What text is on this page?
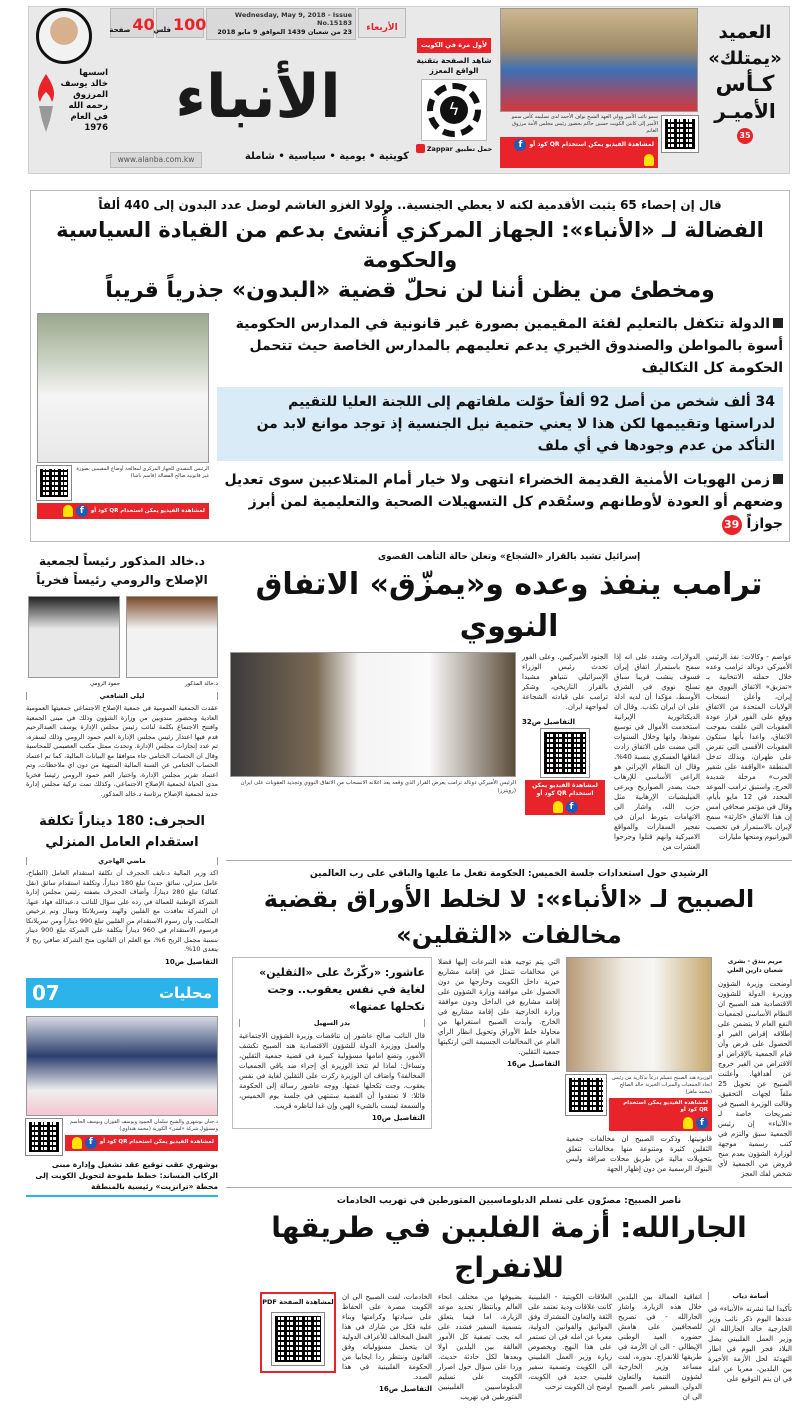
اسسها
خالد يوسف
المرزوق
رحمه الله
في العام
1976
صفحة 40
فلس 100	Wednesday, May 9, 2018 - Issue No.15183
23 من شعبان 1439 الموافق 9 مايو 2018	الأربعاء
الأنباء
كويتية • يومية • سياسية • شاملة
www.alanba.com.kw
لأول مرة في الكويت
شاهد الصفحة بتقنية الواقع المعزز
ϟ
حمل تطبيق Zappar
سمو نائب الأمير وولي العهد الشيخ نواف الأحمد لدى تسليمه كأس سمو الأمير إلى كابتن الكويت حسين حاكم بحضور رئيس مجلس الأمة مرزوق الغانم
لمشاهدة الفيديو يمكن استخدام QR كود أو
f
العميد
«يمتلك»
كـأس
الأميـر
35
قال إن إحصاء 65 يثبت الأقدمية لكنه لا يعطي الجنسية.. ولولا الغزو الغاشم لوصل عدد البدون إلى 440 ألفاً
الفضالة لـ «الأنباء»: الجهاز المركزي أُنشئ بدعم من القيادة السياسية والحكومة
ومخطئ من يظن أننا لن نحلّ قضية «البدون» جذرياً قريباً
الدولة تتكفل بالتعليم لفئة المقيمين بصورة غير قانونية في المدارس الحكومية أسوة بالمواطن والصندوق الخيري يدعم تعليمهم بالمدارس الخاصة حيث تتحمل الحكومة كل التكاليف
34 ألف شخص من أصل 92 ألفاً حوّلت ملفاتهم إلى اللجنة العليا للتقييم لدراستها وتقييمها لكن هذا لا يعني حتمية نيل الجنسية إذ توجد موانع لابد من التأكد من عدم وجودها في أي ملف
زمن الهويات الأمنية القديمة الخضراء انتهى ولا خيار أمام المتلاعبين سوى تعديل وضعهم أو العودة لأوطانهم وستُقدم كل التسهيلات الصحية والتعليمية لمن أبرز جوازاً 39
الرئيس التنفيذي للجهاز المركزي لمعالجة أوضاع المقيمين بصورة غير قانونية صالح الفضالة (قاسم باشا)
لمشاهدة الفيديو يمكن استخدام QR كود أو
f
إسرائيل تشيد بالقرار «الشجاع» وتعلن حالة التأهب القصوى
ترامب ينفذ وعده و«يمزّق» الاتفاق النووي
عواصم - وكالات: نفذ الرئيس الأميركي دونالد ترامب وعده خلال حملته الانتخابية بـ «تمزيق» الاتفاق النووي مع إيران، وأعلن انسحاب الولايات المتحدة من الاتفاق ووقع على الفور قرار عودة العقوبات التي علقت بموجب الاتفاق، واعدا بأنها ستكون العقوبات الأقسى التي تفرض على طهران، وبذلك تدخل المنطقة «الواقفة على شفير الحرب» مرحلة شديدة الحرج. واستبق ترامب الموعد المحدد في 12 مايو بأيام، وقال في مؤتمر صحافي امس إن هذا الاتفاق «كارثة» سمح لإيران بالاستمرار في تخصيب اليورانيوم ومنحها مليارات
الدولارات، وشدد على انه إذا سمح باستمرار اتفاق إيران فسوف ينشب قريبا سباق تسلح نووي في الشرق الأوسط، مؤكدا أن لديه ادلة على ان ايران تكذب. وقال ان الديكتاتورية الإيرانية استخدمت الأموال في توسيع نفوذها، وانها وخلال السنوات التي مضت على الاتفاق زادت انفاقها العسكري بنسبة 40%. وقال ان النظام الإيراني هو الراعي الأساسي للإرهاب حيث يصدر الصواريخ ويرعى الميليشيات الإرهابية مثل حزب الله، واشار الى الاتهامات بتورط ايران في تفجير السفارات والمواقع الاميركية وانهم قتلوا وجرحوا العشرات من
الجنود الأميركيين. وعلى الفور تحدث رئيس الوزراء الإسرائيلي نتنياهو مشيدا بالقرار التاريخي، وشكر ترامب على قيادته الشجاعة لمواجهة ايران.
التفاصيل ص32
لمشاهدة الفيديو يمكن استخدام QR كود أو
f
الرئيس الأميركي دونالد ترامب يعرض القرار الذي وقعه بعد اعلانه الانسحاب من الاتفاق النووي وتجديد العقوبات على ايران (رويترز)
الرشيدي حول استعدادات جلسة الخميس: الحكومة تفعل ما عليها والباقي على رب العالمين
الصبيح لـ «الأنباء»: لا لخلط الأوراق بقضية مخالفات «الثقلين»
مريم بندق - بشرى شعبان دارين العلي
أوضحت وزيرة الشؤون ووزيرة الدولة للشؤون الاقتصادية هند الصبيح ان النظام الأساسي لجمعيات النفع العام لا يتضمن على إطلاقه إقراض الغير او الحصول على قرض وأن قيام الجمعية بالإقراض او الاقتراض من الغير خروج عن أهدافها. وأعلنت الصبيح عن تحويل 25 ملفاً لجهات التحقيق. وقالت الوزيرة الصبيح في تصريحات خاصة لـ «الأنباء» إن رئيس الجمعية سبق والتزم في كتب رسمية موجهة لوزارة الشؤون بعدم منح قروض من الجمعية لأي شخص لفك العجز
الوزيرة هند الصبيح تتسلم درعاً تذكارية من رئيس اتحاد الجمعيات والمبرات الخيرية خالد الصالح (محمد ماهر)
لمشاهدة الفيديو يمكن استخدام QR كود أو
f
قانونيتها. وذكرت الصبيح ان مخالفات جمعية الثقلين كثيرة ومتنوعة منها مخالفات تتعلق بتحويلات مالية عن طريق محلات صرافة وليس البنوك الرسمية من دون إظهار الجهة
التي يتم توجيه هذه التبرعات إليها فضلا عن مخالفات تتمثل في إقامة مشاريع خيرية داخل الكويت وخارجها من دون الحصول على موافقة وزارة الشؤون على إقامة مشاريع في الداخل ودون موافقة وزارة الخارجية على إقامة مشاريع في الخارج. وأبدت الصبيح استغرابها من محاولة خلط الأوراق وتحويل انظار الرأي العام عن المخالفات الجسيمة التي ارتكبتها جمعية الثقلين.
التفاصيل ص16
عاشور: «ركّزتْ على «الثقلين» لغاية في نفس يعقوب.. وجت تكحلها عمتها»
بدر السهيل
قال النائب صالح عاشور إن تناقضات وزيرة الشؤون الاجتماعية والعمل ووزيرة الدولة للشؤون الاقتصادية هند الصبيح تكشف الأمور، وتضع امامها مسؤولية كبيرة في قضية جمعية الثقلين، وتساءل: لماذا لم تتخذ الوزيرة أي إجراء ضد باقي الجمعيات المخالفة؟ واضاف ان الوزيرة ركزت على الثقلين لغاية في نفس يعقوب، وجت تكحلها عمتها. ووجه عاشور رسالة إلى الحكومة قائلا: لا تعتقدوا أن القضية ستنتهي في جلسة يوم الخميس، والسمعة ليست بالشيء الهين وإن غدا لناظره قريب.
التفاصيل ص10
ناصر الصبيح: مصرّون على تسلم الدبلوماسيين المتورطين في تهريب الخادمات
الجارالله: أزمة الفلبين في طريقها للانفراج
أسامة دياب
تأكيدا لما نشرته «الأنباء» في عددها اليوم ذكر نائب وزير الخارجية خالد الجارالله ان وزير العمل الفلبيني يصل البلاد فجر اليوم في اطار التهدئة لحل الأزمة الأخيرة بين البلدين، معربا عن امله في ان يتم التوقيع على
اتفاقية العمالة بين البلدين خلال هذه الزيارة. واشار الجارالله - في تصريح للصحافيين على هامش حضوره العيد الوطني الإيطالي - الى ان الأزمة في طريقها للانفراج. بدوره، لفت مساعد وزير الخارجية لشؤون التنمية والتعاون الدولي السفير ناصر الصبيح الى ان
العلاقات الكويتية - الفلبينية كانت علاقات ودية تعتمد على الثقة والتعاون المشترك وفق المواثيق والقوانين الدولية، معربا عن امله في ان تستمر على هذا النهج. وبخصوص زيارة وزير العمل الفلبيني الى الكويت وتسمية سفير فلبيني جديد في الكويت، اوضح ان الكويت ترحب
بضيوفها من مختلف انحاء العالم وبانتظار تحديد موعد الزيارة، اما فيما يتعلق بتسمية السفير فشدد على انه يجب تصفية كل الأمور العالقة بين البلدين اولا وبعدها لكل حادثة حديث. وردا على سؤال حول اصرار الكويت على تسليم الدبلوماسيين الفلبينيين المتورطين في تهريب
الخادمات، لفت الصبيح الى ان الكويت مصرة على الحفاظ على سيادتها وكرامتها وبناء عليه فكل من شارك في هذا الفعل المخالف للأعراف الدولية ان يتحمل مسؤولياته وفق القانون وننتظر ردا ايجابيا من الحكومة الفلبينية في هذا الصدد.
التفاصيل ص16
لمشاهدة الصفحة PDF
د.خالد المذكور رئيساً لجمعية الإصلاح والرومي رئيساً فخرياً
د.خالد المذكور
حمود الرومي
ليلى الشافعي
عقدت الجمعية العمومية في جمعية الإصلاح الاجتماعي جمعيتها العمومية العادية وبحضور مندوبين من وزارة الشؤون وذلك في مبنى الجمعية وافتتح الاجتماع بكلمة لنائب رئيس مجلس الإدارة يوسف العبدالرحيم قدم فيها اعتذار رئيس مجلس الإدارة العم حمود الرومي وذلك لسفره، ثم عدد إنجازات مجلس الإدارة. وتحدث ممثل مكتب العصيمي للمحاسبة وقال ان الحساب الختامي جاء متوافقا مع البيانات المالية، كما تم اعتماد الحساب الختامي عن السنة المالية المنتهية من دون اي ملاحظات، وتم اعتماد تقرير مجلس الإدارة، واختيار العم حمود الرومي رئيسا فخريا مدى الحياة لجمعية الإصلاح الاجتماعي، وكذلك تمت تزكية مجلس إدارة جديد لجمعية الإصلاح برئاسة د.خالد المذكور.
الحجرف: 180 ديناراً تكلفة استقدام العامل المنزلي
ماضي الهاجري
اكد وزير المالية د.نايف الحجرف أن تكلفة استقدام العامل (الطباخ، عامل منزلي، سائق جديد) تبلغ 180 ديناراً، وتكلفة استقدام سائق (نقل كفالة) تبلغ 280 ديناراً، وأضاف الحجرف بصفته رئيس مجلس إدارة الشركة الوطنية للعمالة في رده على سؤال للنائب د.عبدالله فهاد عنها، ان الشركة تعاقدت مع الفلبين والهند وسريلانكا ونيبال وتم ترخيص المكاتب، وأن رسوم الاستقدام من الفلبين تبلغ 990 ديناراً ومن سريلانكا فرسوم الاستقدام في 960 ديناراً بتكلفة على الشركة تبلغ 900 دينار بنسبة مجمل الربح 6%، مع العلم ان القانون منح الشركة صافي ربح لا يتعدى 10%.
التفاصيل ص10
07	محليات
د.جنان بوشهري والشيخ سلمان الحمود ويوسف الفوزان ويوسف الجاسم ومسؤول شركة «لشن» الكورية (محمد هنداوي)
لمشاهدة الفيديو يمكن استخدام QR كود أو
f
بوشهري عقب توقيع عقد تشغيل وإدارة مبنى الركاب المساند: خطط طموحة لتحويل الكويت إلى محطة «ترانزيت» رئيسية بالمنطقة
